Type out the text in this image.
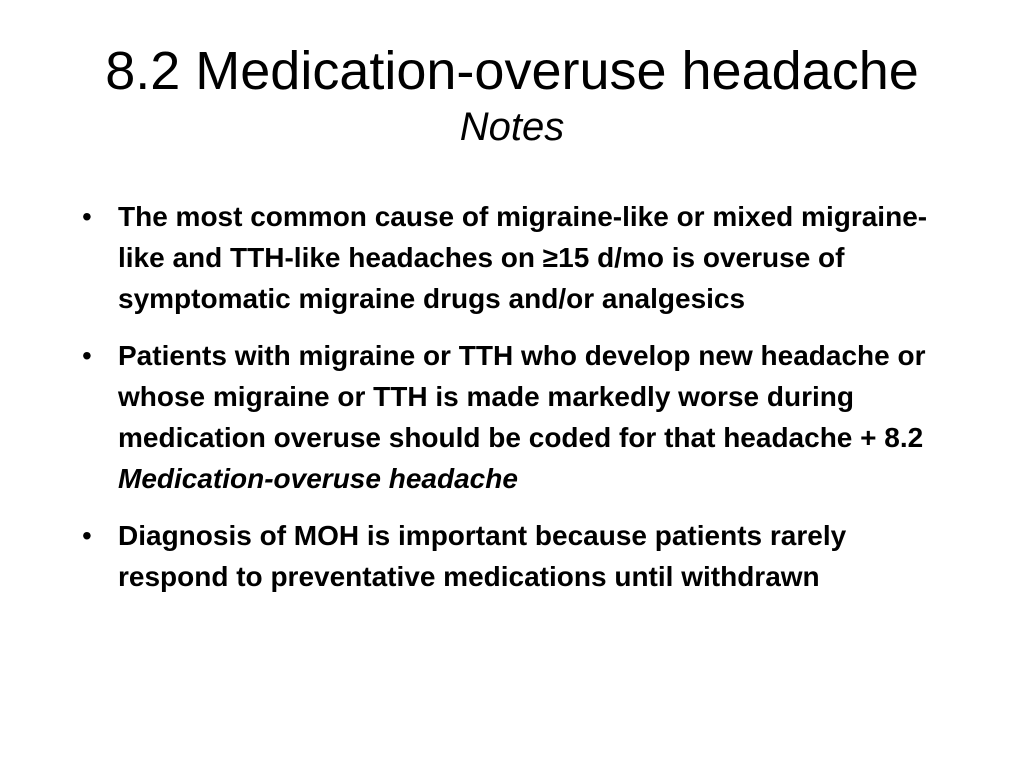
8.2 Medication-overuse headache
Notes
• The most common cause of migraine-like or mixed migraine-like and TTH-like headaches on ≥15 d/mo is overuse of symptomatic migraine drugs and/or analgesics
• Patients with migraine or TTH who develop new headache or whose migraine or TTH is made markedly worse during medication overuse should be coded for that headache + 8.2 Medication-overuse headache
• Diagnosis of MOH is important because patients rarely respond to preventative medications until withdrawn
